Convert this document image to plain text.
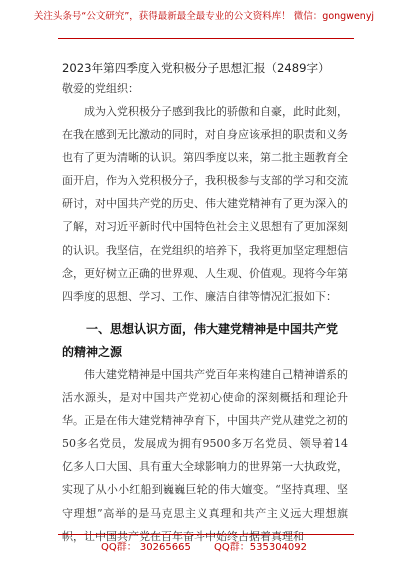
关注头条号“公文研究”，获得最新最全最专业的公文资料库！ 微信：gongwenyj
2023年第四季度入党积极分子思想汇报（2489字）
敬爱的党组织：

成为入党积极分子感到我比的骄傲和自豪，此时此刻，在我在感到无比激动的同时，对自身应该承担的职责和义务也有了更为清晰的认识。第四季度以来，第二批主题教育全面开启，作为入党积极分子，我积极参与支部的学习和交流研讨，对中国共产党的历史、伟大建党精神有了更为深入的了解，对习近平新时代中国特色社会主义思想有了更加深刻的认识。我坚信，在党组织的培养下，我将更加坚定理想信念，更好树立正确的世界观、人生观、价值观。现将今年第四季度的思想、学习、工作、廉洁自律等情况汇报如下：

一、思想认识方面，伟大建党精神是中国共产党的精神之源

伟大建党精神是中国共产党百年来构建自己精神谱系的活水源头，是对中国共产党初心使命的深刻概括和理论升华。正是在伟大建党精神孕育下，中国共产党从建党之初的50多名党员，发展成为拥有9500多万名党员、领导着14亿多人口大国、具有重大全球影响力的世界第一大执政党，实现了从小小红船到巍巍巨轮的伟大嬗变。“坚持真理、坚守理想”高举的是马克思主义真理和共产主义远大理想旗帜，让中国共产党在百年奋斗中始终占据着真理和

QQ群： 30265665 QQ群：535304092
